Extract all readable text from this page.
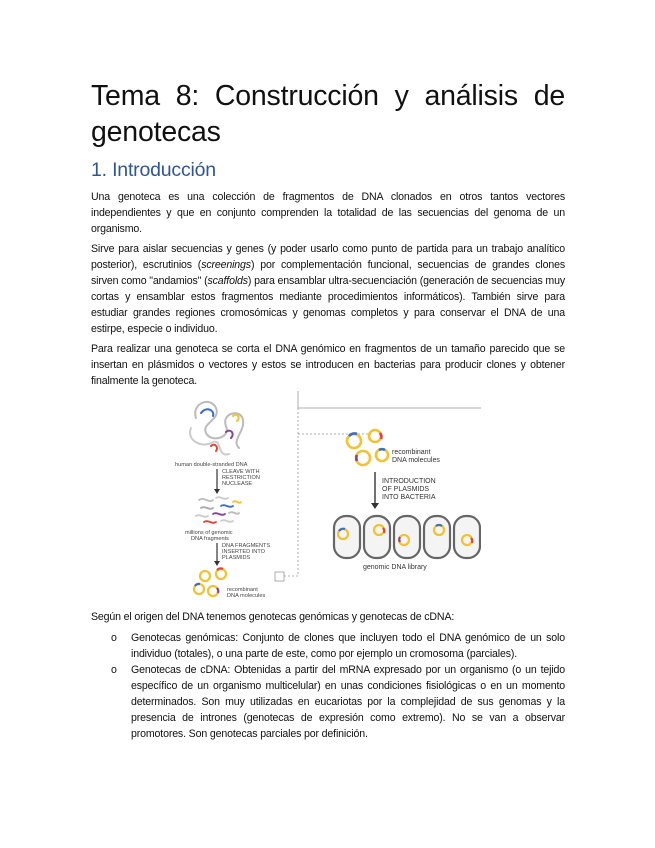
Tema 8: Construcción y análisis de genotecas
1. Introducción

Una genoteca es una colección de fragmentos de DNA clonados en otros tantos vectores independientes y que en conjunto comprenden la totalidad de las secuencias del genoma de un organismo.

Sirve para aislar secuencias y genes (y poder usarlo como punto de partida para un trabajo analítico posterior), escrutinios (screenings) por complementación funcional, secuencias de grandes clones sirven como "andamios" (scaffolds) para ensamblar ultra-secuenciación (generación de secuencias muy cortas y ensamblar estos fragmentos mediante procedimientos informáticos). También sirve para estudiar grandes regiones cromosómicas y genomas completos y para conservar el DNA de una estirpe, especie o individuo.

Para realizar una genoteca se corta el DNA genómico en fragmentos de un tamaño parecido que se insertan en plásmidos o vectores y estos se introducen en bacterias para producir clones y obtener finalmente la genoteca.

human double-stranded DNA
CLEAVE WITH
RESTRICTION
NUCLEASE
millions of genomic
DNA fragments
DNA FRAGMENTS
INSERTED INTO
PLASMIDS
recombinant
DNA molecules
recombinant
DNA molecules
INTRODUCTION
OF PLASMIDS
INTO BACTERIA
genomic DNA library

Según el origen del DNA tenemos genotecas genómicas y genotecas de cDNA:

o Genotecas genómicas: Conjunto de clones que incluyen todo el DNA genómico de un solo individuo (totales), o una parte de este, como por ejemplo un cromosoma (parciales).
o Genotecas de cDNA: Obtenidas a partir del mRNA expresado por un organismo (o un tejido específico de un organismo multicelular) en unas condiciones fisiológicas o en un momento determinados. Son muy utilizadas en eucariotas por la complejidad de sus genomas y la presencia de intrones (genotecas de expresión como extremo). No se van a observar promotores. Son genotecas parciales por definición.
